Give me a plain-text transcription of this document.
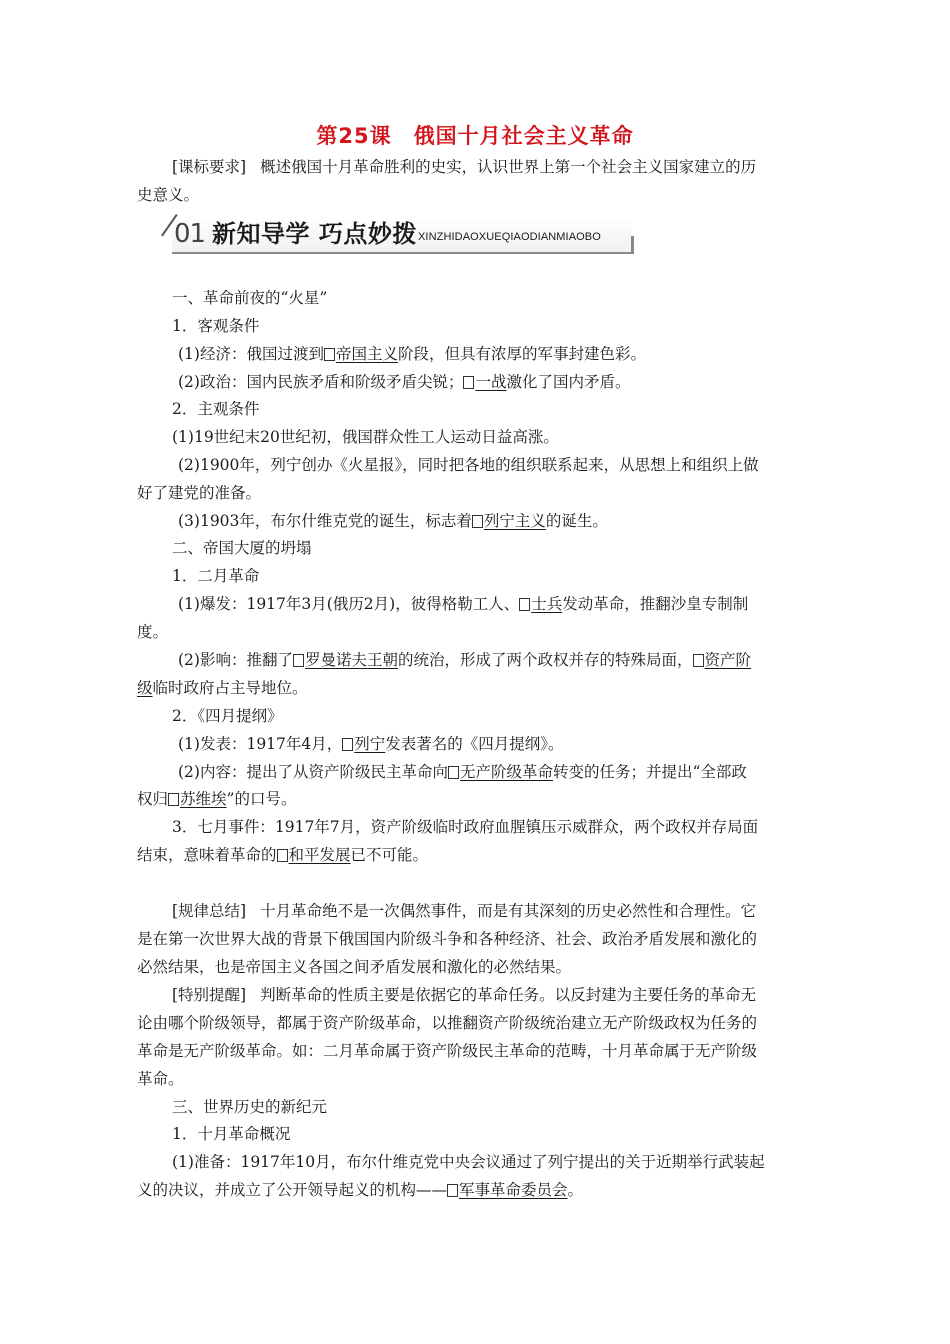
第25课　俄国十月社会主义革命
[课标要求] 概述俄国十月革命胜利的史实，认识世界上第一个社会主义国家建立的历
史意义。
01 新知导学 巧点妙拨 XINZHIDAOXUEQIAODIANMIAOBO
一、革命前夜的“火星”
1．客观条件
(1)经济：俄国过渡到 帝国主义阶段，但具有浓厚的军事封建色彩。
(2)政治：国内民族矛盾和阶级矛盾尖锐； 一战激化了国内矛盾。
2．主观条件
(1)19世纪末20世纪初，俄国群众性工人运动日益高涨。
(2)1900年，列宁创办《火星报》，同时把各地的组织联系起来，从思想上和组织上做
好了建党的准备。
(3)1903年，布尔什维克党的诞生，标志着 列宁主义的诞生。
二、帝国大厦的坍塌
1．二月革命
(1)爆发：1917年3月(俄历2月)，彼得格勒工人、 士兵发动革命，推翻沙皇专制制
度。
(2)影响：推翻了 罗曼诺夫王朝的统治，形成了两个政权并存的特殊局面， 资产阶
级临时政府占主导地位。
2．《四月提纲》
(1)发表：1917年4月， 列宁发表著名的《四月提纲》。
(2)内容：提出了从资产阶级民主革命向 无产阶级革命转变的任务；并提出“全部政
权归 苏维埃”的口号。
3．七月事件：1917年7月，资产阶级临时政府血腥镇压示威群众，两个政权并存局面
结束，意味着革命的 和平发展已不可能。
[规律总结] 十月革命绝不是一次偶然事件，而是有其深刻的历史必然性和合理性。它
是在第一次世界大战的背景下俄国国内阶级斗争和各种经济、社会、政治矛盾发展和激化的
必然结果，也是帝国主义各国之间矛盾发展和激化的必然结果。
[特别提醒] 判断革命的性质主要是依据它的革命任务。以反封建为主要任务的革命无
论由哪个阶级领导，都属于资产阶级革命，以推翻资产阶级统治建立无产阶级政权为任务的
革命是无产阶级革命。如：二月革命属于资产阶级民主革命的范畴，十月革命属于无产阶级
革命。
三、世界历史的新纪元
1．十月革命概况
(1)准备：1917年10月，布尔什维克党中央会议通过了列宁提出的关于近期举行武装起
义的决议，并成立了公开领导起义的机构—— 军事革命委员会。
